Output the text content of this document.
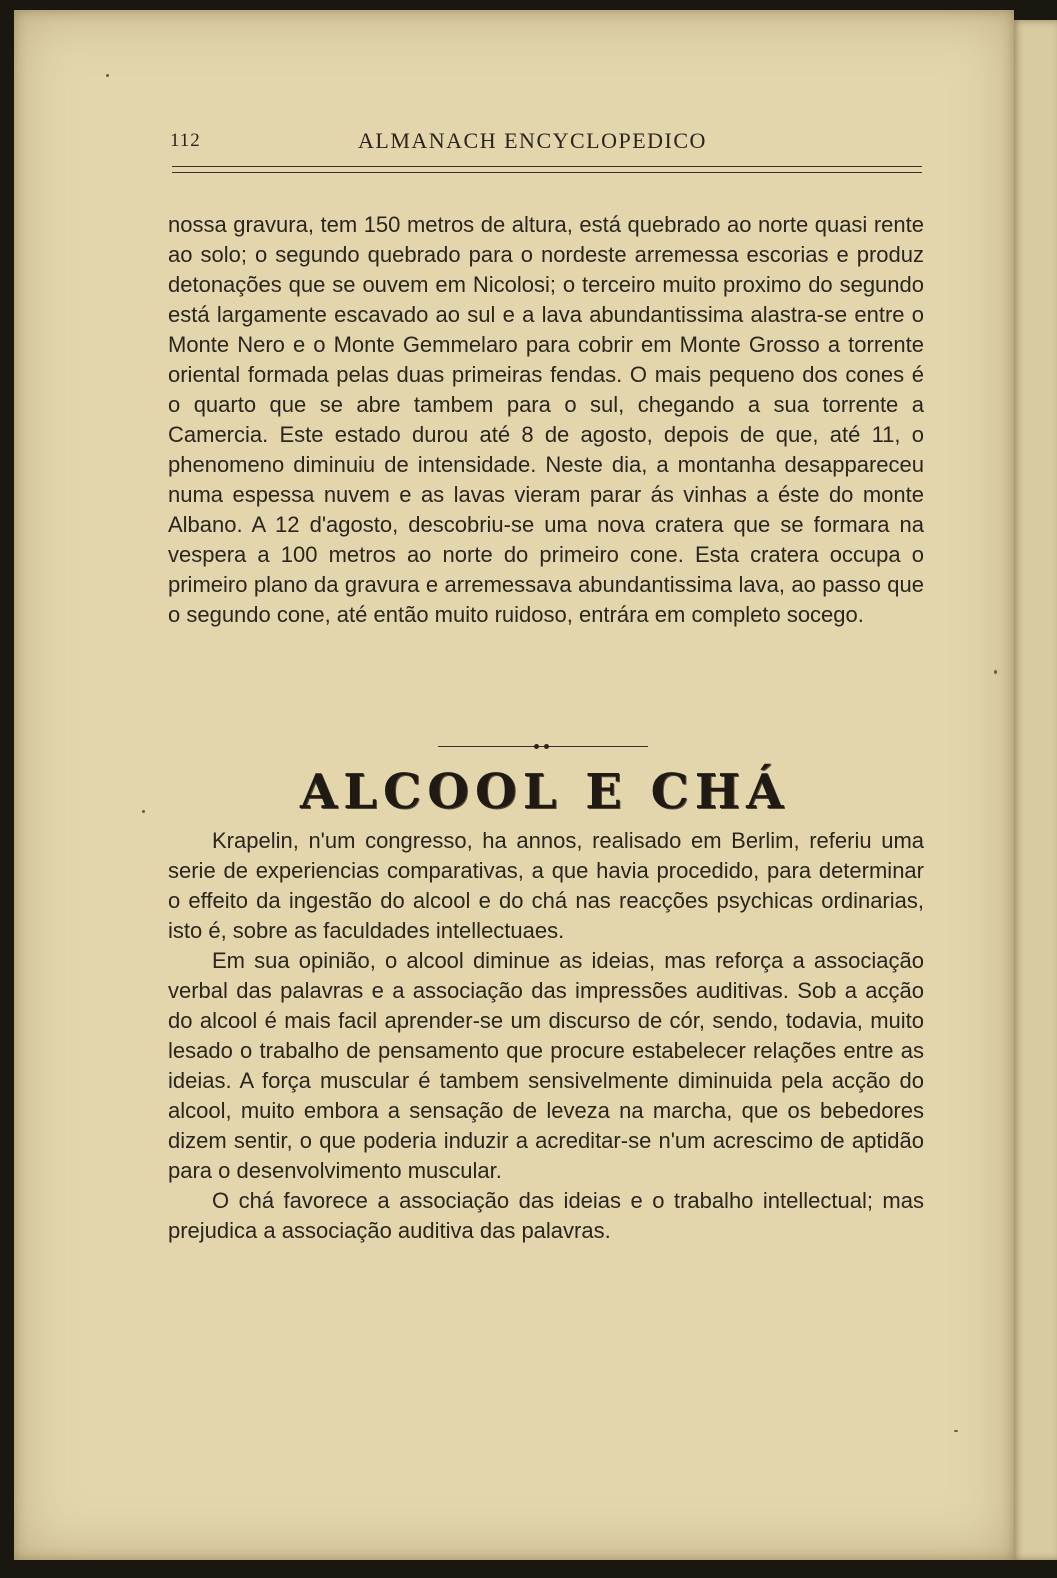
112	ALMANACH ENCYCLOPEDICO

nossa gravura, tem 150 metros de altura, está quebrado ao norte quasi rente ao solo; o segundo quebrado para o nordeste arremessa escorias e produz detonações que se ouvem em Nicolosi; o terceiro muito proximo do segundo está largamente escavado ao sul e a lava abundantissima alastra-se entre o Monte Nero e o Monte Gemmelaro para cobrir em Monte Grosso a torrente oriental formada pelas duas primeiras fendas. O mais pequeno dos cones é o quarto que se abre tambem para o sul, chegando a sua torrente a Camercia. Este estado durou até 8 de agosto, depois de que, até 11, o phenomeno diminuiu de intensidade. Neste dia, a montanha desappareceu numa espessa nuvem e as lavas vieram parar ás vinhas a éste do monte Albano. A 12 d'agosto, descobriu-se uma nova cratera que se formara na vespera a 100 metros ao norte do primeiro cone. Esta cratera occupa o primeiro plano da gravura e arremessava abundantissima lava, ao passo que o segundo cone, até então muito ruidoso, entrára em completo socego.

ALCOOL E CHÁ

Krapelin, n'um congresso, ha annos, realisado em Berlim, referiu uma serie de experiencias comparativas, a que havia procedido, para determinar o effeito da ingestão do alcool e do chá nas reacções psychicas ordinarias, isto é, sobre as faculdades intellectuaes.

Em sua opinião, o alcool diminue as ideias, mas reforça a associação verbal das palavras e a associação das impressões auditivas. Sob a acção do alcool é mais facil aprender-se um discurso de cór, sendo, todavia, muito lesado o trabalho de pensamento que procure estabelecer relações entre as ideias. A força muscular é tambem sensivelmente diminuida pela acção do alcool, muito embora a sensação de leveza na marcha, que os bebedores dizem sentir, o que poderia induzir a acreditar-se n'um acrescimo de aptidão para o desenvolvimento muscular.

O chá favorece a associação das ideias e o trabalho intellectual; mas prejudica a associação auditiva das palavras.
